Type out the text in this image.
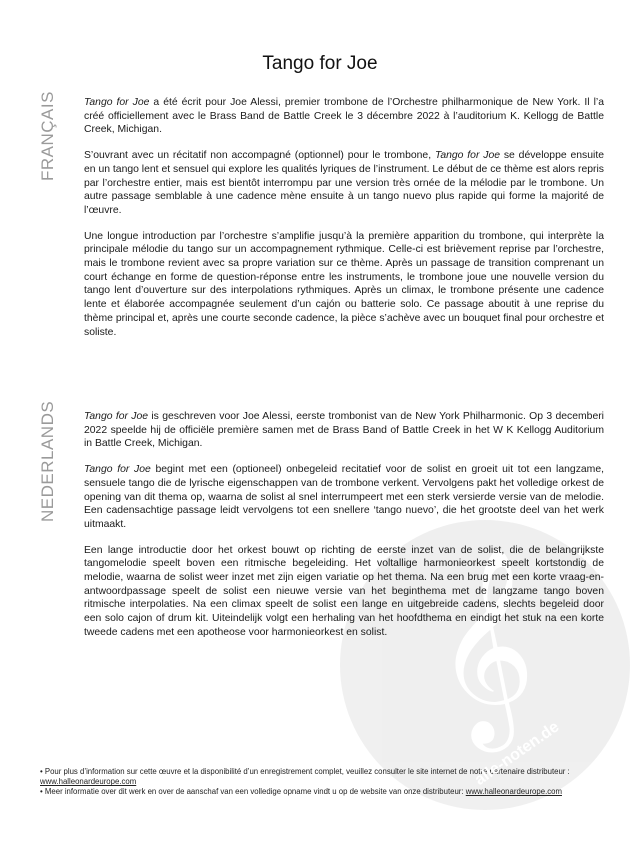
𝄞
Tango for Joe
FRANÇAIS	Tango for Joe a été écrit pour Joe Alessi, premier trombone de l’Orchestre philharmonique de New York. Il l’a créé officiellement avec le Brass Band de Battle Creek le 3 décembre 2022 à l’auditorium K. Kellogg de Battle Creek, Michigan.

S’ouvrant avec un récitatif non accompagné (optionnel) pour le trombone, Tango for Joe se développe ensuite en un tango lent et sensuel qui explore les qualités lyriques de l’instrument. Le début de ce thème est alors repris par l’orchestre entier, mais est bientôt interrompu par une version très ornée de la mélodie par le trombone. Un autre passage semblable à une cadence mène ensuite à un tango nuevo plus rapide qui forme la majorité de l’œuvre.

Une longue introduction par l’orchestre s’amplifie jusqu’à la première apparition du trombone, qui interprète la principale mélodie du tango sur un accompagnement rythmique. Celle-ci est brièvement reprise par l’orchestre, mais le trombone revient avec sa propre variation sur ce thème. Après un passage de transition comprenant un court échange en forme de question-réponse entre les instruments, le trombone joue une nouvelle version du tango lent d’ouverture sur des interpolations rythmiques. Après un climax, le trombone présente une cadence lente et élaborée accompagnée seulement d’un cajón ou batterie solo. Ce passage aboutit à une reprise du thème principal et, après une courte seconde cadence, la pièce s’achève avec un bouquet final pour orchestre et soliste.

NEDERLANDS	Tango for Joe is geschreven voor Joe Alessi, eerste trombonist van de New York Philharmonic. Op 3 decemberi 2022 speelde hij de officiële première samen met de Brass Band of Battle Creek in het W K Kellogg Auditorium in Battle Creek, Michigan.

Tango for Joe begint met een (optioneel) onbegeleid recitatief voor de solist en groeit uit tot een langzame, sensuele tango die de lyrische eigenschappen van de trombone verkent. Vervolgens pakt het volledige orkest de opening van dit thema op, waarna de solist al snel interrumpeert met een sterk versierde versie van de melodie. Een cadensachtige passage leidt vervolgens tot een snellere ‘tango nuevo’, die het grootste deel van het werk uitmaakt.

Een lange introductie door het orkest bouwt op richting de eerste inzet van de solist, die de belangrijkste tangomelodie speelt boven een ritmische begeleiding. Het voltallige harmonieorkest speelt kortstondig de melodie, waarna de solist weer inzet met zijn eigen variatie op het thema. Na een brug met een korte vraag-en-antwoordpassage speelt de solist een nieuwe versie van het beginthema met de langzame tango boven ritmische interpolaties. Na een climax speelt de solist een lange en uitgebreide cadens, slechts begeleid door een solo cajon of drum kit. Uiteindelijk volgt een herhaling van het hoofdthema en eindigt het stuk na een korte tweede cadens met een apotheose voor harmonieorkest en solist.

• Pour plus d’information sur cette œuvre et la disponibilité d’un enregistrement complet, veuillez consulter le site internet de notre partenaire distributeur : www.halleonardeurope.com
• Meer informatie over dit werk en over de aanschaf van een volledige opname vindt u op de website van onze distributeur: www.halleonardeurope.com
alle-noten.de
